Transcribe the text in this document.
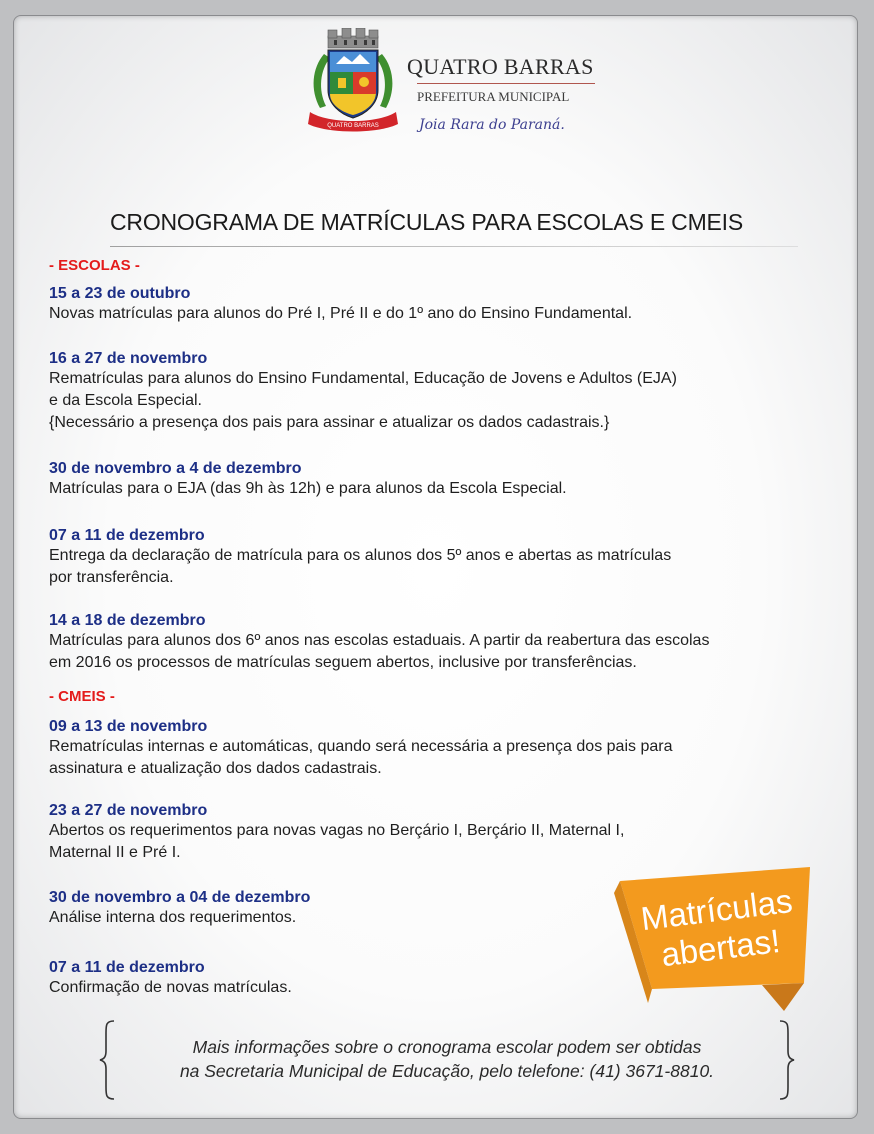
QUATRO BARRAS
QUATRO BARRAS
PREFEITURA MUNICIPAL
Joia Rara do Paraná.
CRONOGRAMA DE MATRÍCULAS PARA ESCOLAS E CMEIS
- ESCOLAS -
15 a 23 de outubro
Novas matrículas para alunos do Pré I, Pré II e do 1º ano do Ensino Fundamental.
16 a 27 de novembro
Rematrículas para alunos do Ensino Fundamental, Educação de Jovens e Adultos (EJA)
e da Escola Especial.
{Necessário a presença dos pais para assinar e atualizar os dados cadastrais.}
30 de novembro a 4 de dezembro
Matrículas para o EJA (das 9h às 12h) e para alunos da Escola Especial.
07 a 11 de dezembro
Entrega da declaração de matrícula para os alunos dos 5º anos e abertas as matrículas
por transferência.
14 a 18 de dezembro
Matrículas para alunos dos 6º anos nas escolas estaduais. A partir da reabertura das escolas
em 2016 os processos de matrículas seguem abertos, inclusive por transferências.
- CMEIS -
09 a 13 de novembro
Rematrículas internas e automáticas, quando será necessária a presença dos pais para
assinatura e atualização dos dados cadastrais.
23 a 27 de novembro
Abertos os requerimentos para novas vagas no Berçário I, Berçário II, Maternal I,
Maternal II e Pré I.
30 de novembro a 04 de dezembro
Análise interna dos requerimentos.
07 a 11 de dezembro
Confirmação de novas matrículas.
Matrículas
abertas!
Mais informações sobre o cronograma escolar podem ser obtidas
na Secretaria Municipal de Educação, pelo telefone: (41) 3671-8810.
